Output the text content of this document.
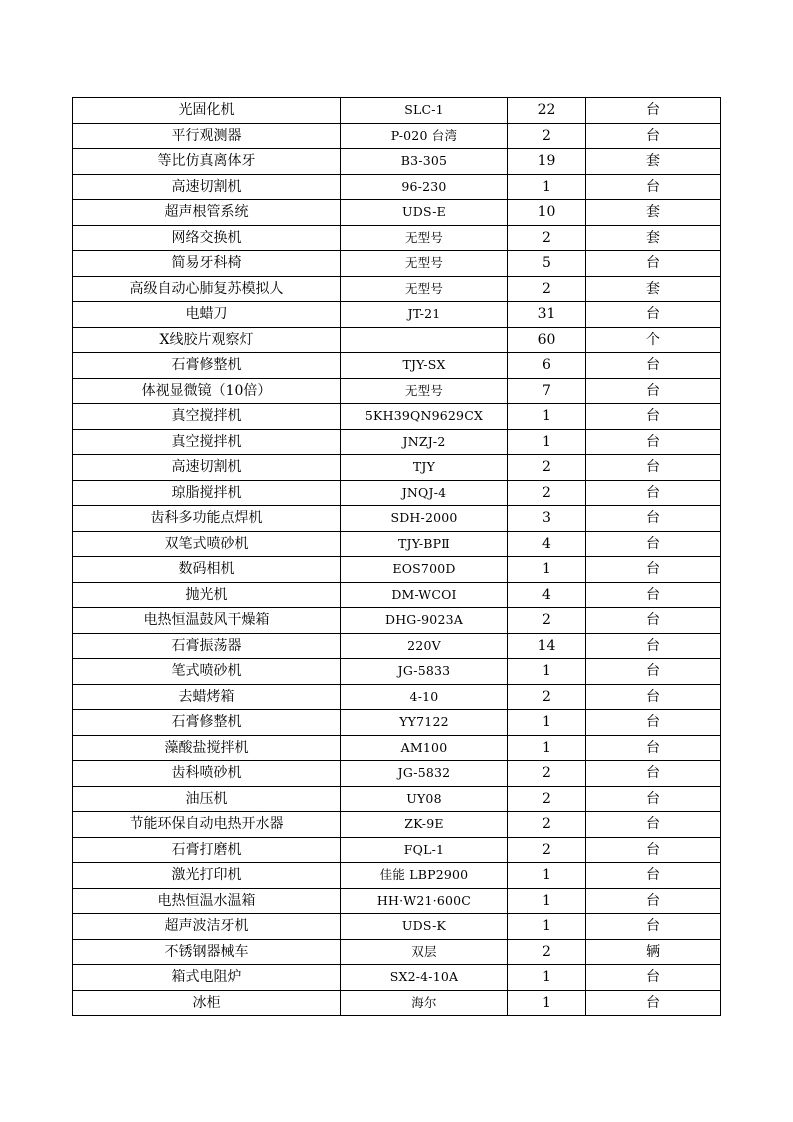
光固化机	SLC-1	22	台
平行观测器	P-020 台湾	2	台
等比仿真离体牙	B3-305	19	套
高速切割机	96-230	1	台
超声根管系统	UDS-E	10	套
网络交换机	无型号	2	套
简易牙科椅	无型号	5	台
高级自动心肺复苏模拟人	无型号	2	套
电蜡刀	JT-21	31	台
X线胶片观察灯		60	个
石膏修整机	TJY-SX	6	台
体视显微镜（10倍）	无型号	7	台
真空搅拌机	5KH39QN9629CX	1	台
真空搅拌机	JNZJ-2	1	台
高速切割机	TJY	2	台
琼脂搅拌机	JNQJ-4	2	台
齿科多功能点焊机	SDH-2000	3	台
双笔式喷砂机	TJY-BPⅡ	4	台
数码相机	EOS700D	1	台
抛光机	DM-WCOI	4	台
电热恒温鼓风干燥箱	DHG-9023A	2	台
石膏振荡器	220V	14	台
笔式喷砂机	JG-5833	1	台
去蜡烤箱	4-10	2	台
石膏修整机	YY7122	1	台
藻酸盐搅拌机	AM100	1	台
齿科喷砂机	JG-5832	2	台
油压机	UY08	2	台
节能环保自动电热开水器	ZK-9E	2	台
石膏打磨机	FQL-1	2	台
激光打印机	佳能 LBP2900	1	台
电热恒温水温箱	HH·W21·600C	1	台
超声波洁牙机	UDS-K	1	台
不锈钢器械车	双层	2	辆
箱式电阻炉	SX2-4-10A	1	台
冰柜	海尔	1	台
